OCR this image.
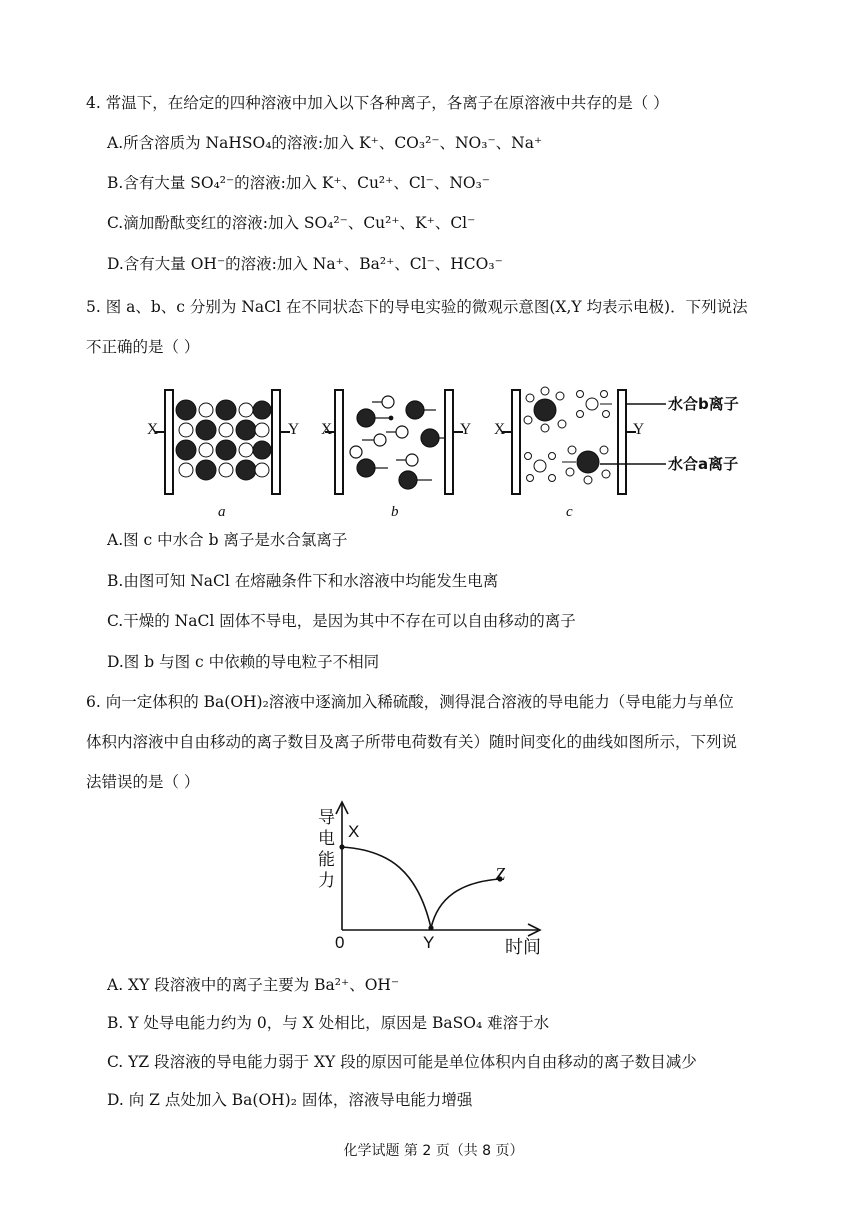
4. 常温下，在给定的四种溶液中加入以下各种离子，各离子在原溶液中共存的是（ ）
A.所含溶质为 NaHSO₄的溶液:加入 K⁺、CO₃²⁻、NO₃⁻、Na⁺
B.含有大量 SO₄²⁻的溶液:加入 K⁺、Cu²⁺、Cl⁻、NO₃⁻
C.滴加酚酞变红的溶液:加入 SO₄²⁻、Cu²⁺、K⁺、Cl⁻
D.含有大量 OH⁻的溶液:加入 Na⁺、Ba²⁺、Cl⁻、HCO₃⁻
5. 图 a、b、c 分别为 NaCl 在不同状态下的导电实验的微观示意图(X,Y 均表示电极)．下列说法
不正确的是（ ）
X	Y X	Y X	Y
水合b离子
水合a离子
a	b	c
A.图 c 中水合 b 离子是水合氯离子
B.由图可知 NaCl 在熔融条件下和水溶液中均能发生电离
C.干燥的 NaCl 固体不导电，是因为其中不存在可以自由移动的离子
D.图 b 与图 c 中依赖的导电粒子不相同
6. 向一定体积的 Ba(OH)₂溶液中逐滴加入稀硫酸，测得混合溶液的导电能力（导电能力与单位
体积内溶液中自由移动的离子数目及离子所带电荷数有关）随时间变化的曲线如图所示，下列说
法错误的是（ ）
导
电
能
力
X
Y
Z
0	时间
A. XY 段溶液中的离子主要为 Ba²⁺、OH⁻
B. Y 处导电能力约为 0，与 X 处相比，原因是 BaSO₄ 难溶于水
C. YZ 段溶液的导电能力弱于 XY 段的原因可能是单位体积内自由移动的离子数目减少
D. 向 Z 点处加入 Ba(OH)₂ 固体，溶液导电能力增强
化学试题 第 2 页（共 8 页）
